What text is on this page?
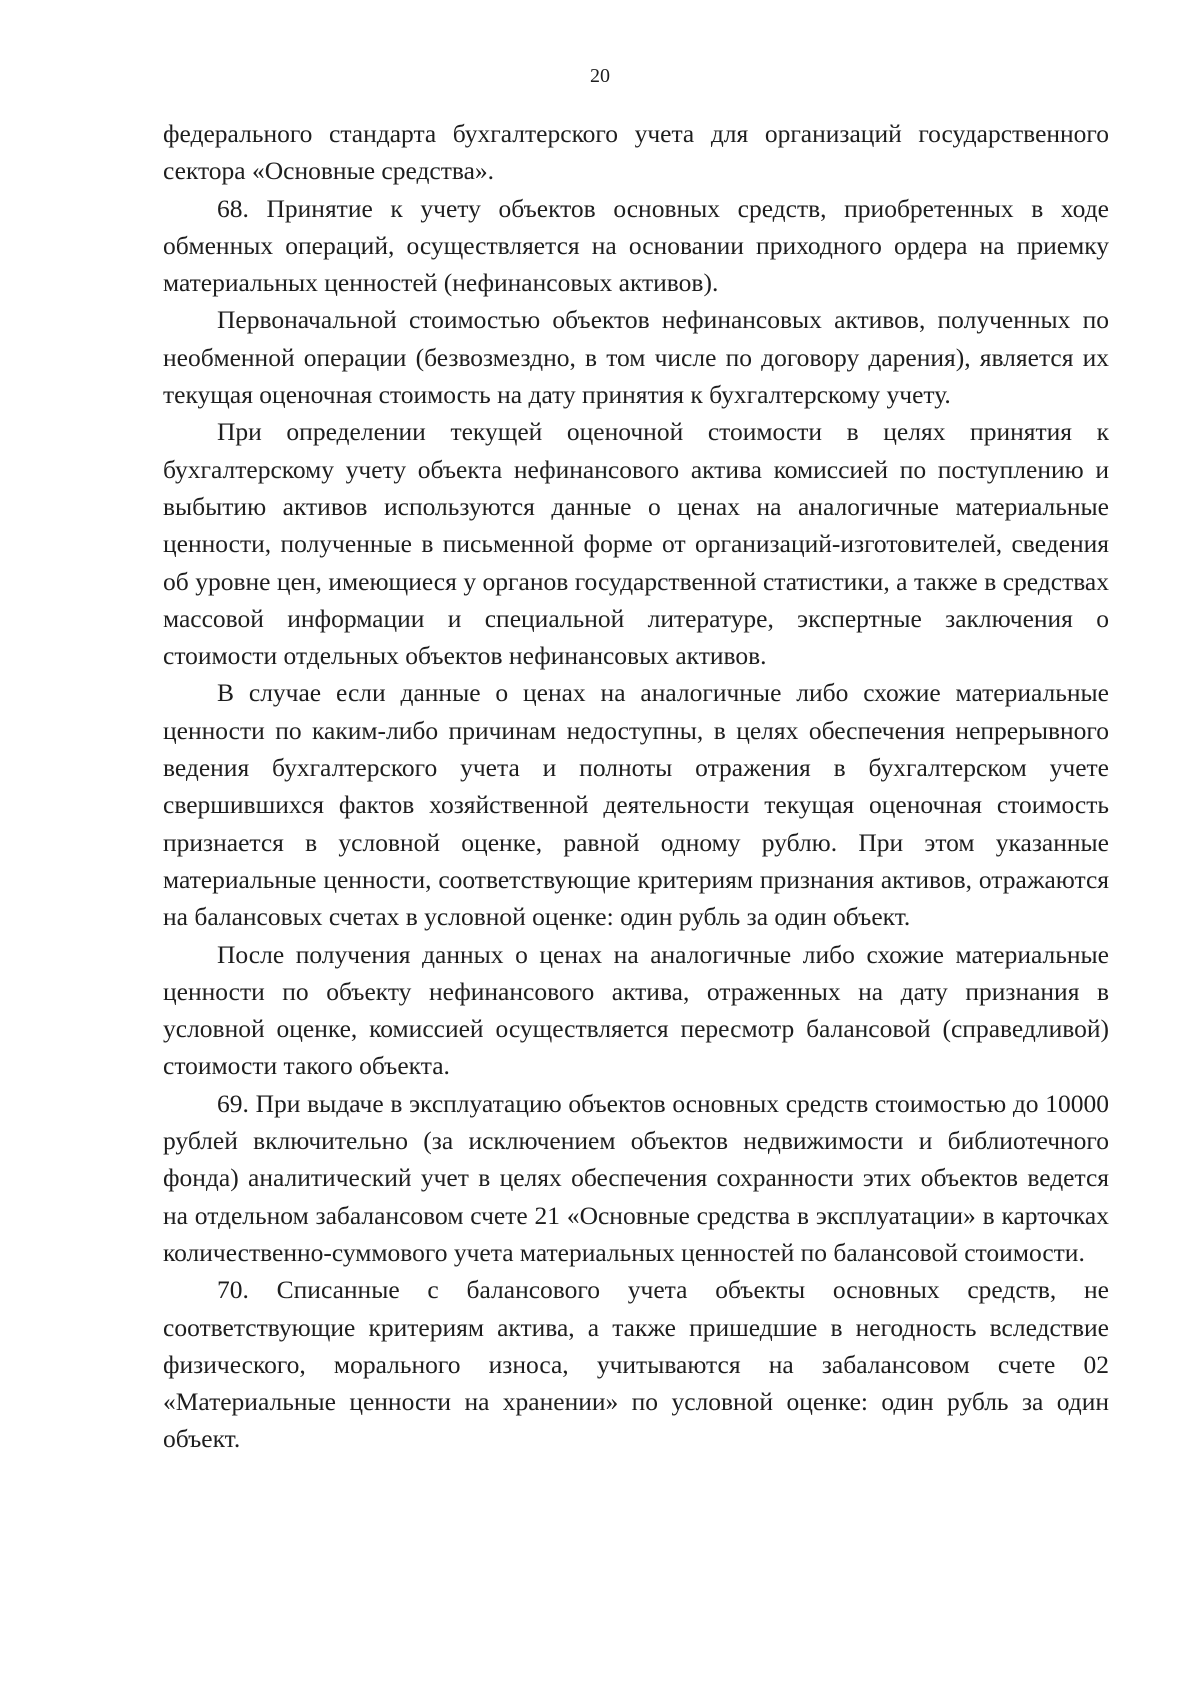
20

федерального стандарта бухгалтерского учета для организаций государственного сектора «Основные средства».

68. Принятие к учету объектов основных средств, приобретенных в ходе обменных операций, осуществляется на основании приходного ордера на приемку материальных ценностей (нефинансовых активов).

Первоначальной стоимостью объектов нефинансовых активов, полученных по необменной операции (безвозмездно, в том числе по договору дарения), является их текущая оценочная стоимость на дату принятия к бухгалтерскому учету.

При определении текущей оценочной стоимости в целях принятия к бухгалтерскому учету объекта нефинансового актива комиссией по поступлению и выбытию активов используются данные о ценах на аналогичные материальные ценности, полученные в письменной форме от организаций-изготовителей, сведения об уровне цен, имеющиеся у органов государственной статистики, а также в средствах массовой информации и специальной литературе, экспертные заключения о стоимости отдельных объектов нефинансовых активов.

В случае если данные о ценах на аналогичные либо схожие материальные ценности по каким-либо причинам недоступны, в целях обеспечения непрерывного ведения бухгалтерского учета и полноты отражения в бухгалтерском учете свершившихся фактов хозяйственной деятельности текущая оценочная стоимость признается в условной оценке, равной одному рублю. При этом указанные материальные ценности, соответствующие критериям признания активов, отражаются на балансовых счетах в условной оценке: один рубль за один объект.

После получения данных о ценах на аналогичные либо схожие материальные ценности по объекту нефинансового актива, отраженных на дату признания в условной оценке, комиссией осуществляется пересмотр балансовой (справедливой) стоимости такого объекта.

69. При выдаче в эксплуатацию объектов основных средств стоимостью до 10000 рублей включительно (за исключением объектов недвижимости и библиотечного фонда) аналитический учет в целях обеспечения сохранности этих объектов ведется на отдельном забалансовом счете 21 «Основные средства в эксплуатации» в карточках количественно-суммового учета материальных ценностей по балансовой стоимости.

70. Списанные с балансового учета объекты основных средств, не соответствующие критериям актива, а также пришедшие в негодность вследствие физического, морального износа, учитываются на забалансовом счете 02 «Материальные ценности на хранении» по условной оценке: один рубль за один объект.
